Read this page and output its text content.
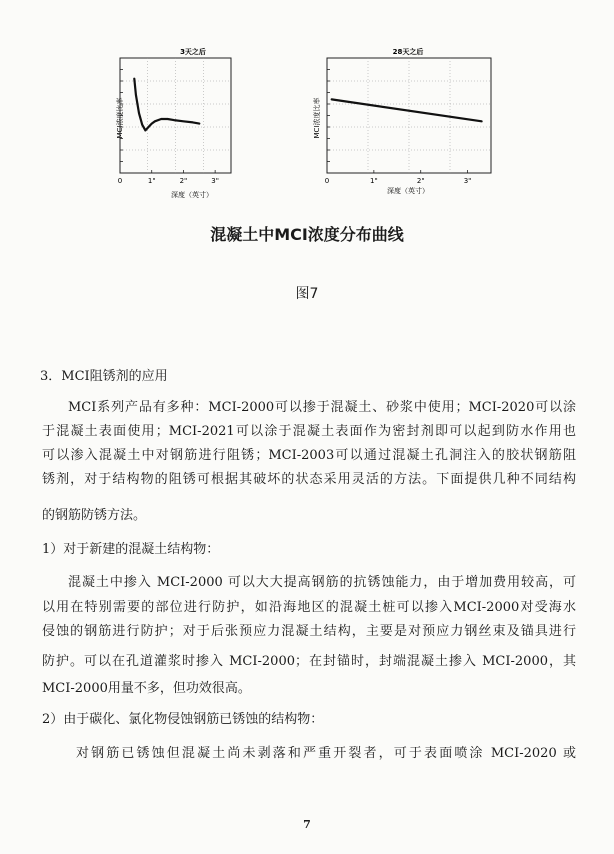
3天之后
MCI浓度比率
0	1"	2"	3"
深度（英寸）
28天之后
MCI浓度比率
0	1"	2"	3"
深度（英寸）
混凝土中MCI浓度分布曲线
图7
3．MCI阻锈剂的应用
MCI系列产品有多种：MCI-2000可以掺于混凝土、砂浆中使用；MCI-2020可以涂
于混凝土表面使用；MCI-2021可以涂于混凝土表面作为密封剂即可以起到防水作用也
可以渗入混凝土中对钢筋进行阻锈；MCI-2003可以通过混凝土孔洞注入的胶状钢筋阻
锈剂，对于结构物的阻锈可根据其破坏的状态采用灵活的方法。下面提供几种不同结构
的钢筋防锈方法。
1）对于新建的混凝土结构物：
混凝土中掺入 MCI-2000 可以大大提高钢筋的抗锈蚀能力，由于增加费用较高，可
以用在特别需要的部位进行防护，如沿海地区的混凝土桩可以掺入MCI-2000对受海水
侵蚀的钢筋进行防护；对于后张预应力混凝土结构，主要是对预应力钢丝束及锚具进行
防护。可以在孔道灌浆时掺入 MCI-2000；在封锚时，封端混凝土掺入 MCI-2000，其
MCI-2000用量不多，但功效很高。
2）由于碳化、氯化物侵蚀钢筋已锈蚀的结构物：
对钢筋已锈蚀但混凝土尚未剥落和严重开裂者，可于表面喷涂 MCI-2020 或
7
